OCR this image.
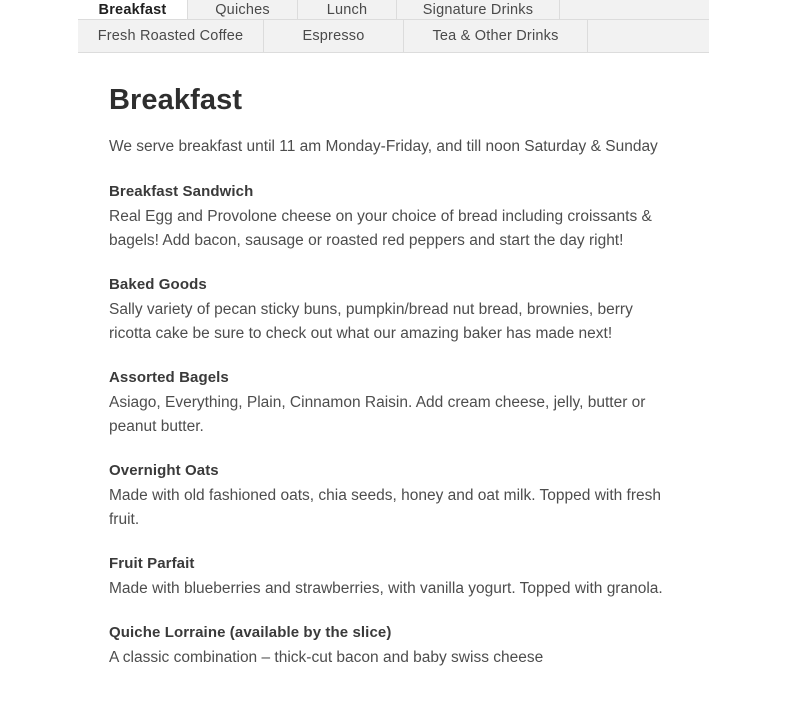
Breakfast	Quiches	Lunch	Signature Drinks
Fresh Roasted Coffee	Espresso	Tea & Other Drinks
Breakfast

We serve breakfast until 11 am Monday-Friday, and till noon Saturday & Sunday

Breakfast Sandwich

Real Egg and Provolone cheese on your choice of bread including croissants & bagels! Add bacon, sausage or roasted red peppers and start the day right!

Baked Goods

Sally variety of pecan sticky buns, pumpkin/bread nut bread, brownies, berry ricotta cake be sure to check out what our amazing baker has made next!

Assorted Bagels

Asiago, Everything, Plain, Cinnamon Raisin. Add cream cheese, jelly, butter or peanut butter.

Overnight Oats

Made with old fashioned oats, chia seeds, honey and oat milk. Topped with fresh fruit.

Fruit Parfait

Made with blueberries and strawberries, with vanilla yogurt. Topped with granola.

Quiche Lorraine (available by the slice)

A classic combination – thick-cut bacon and baby swiss cheese
